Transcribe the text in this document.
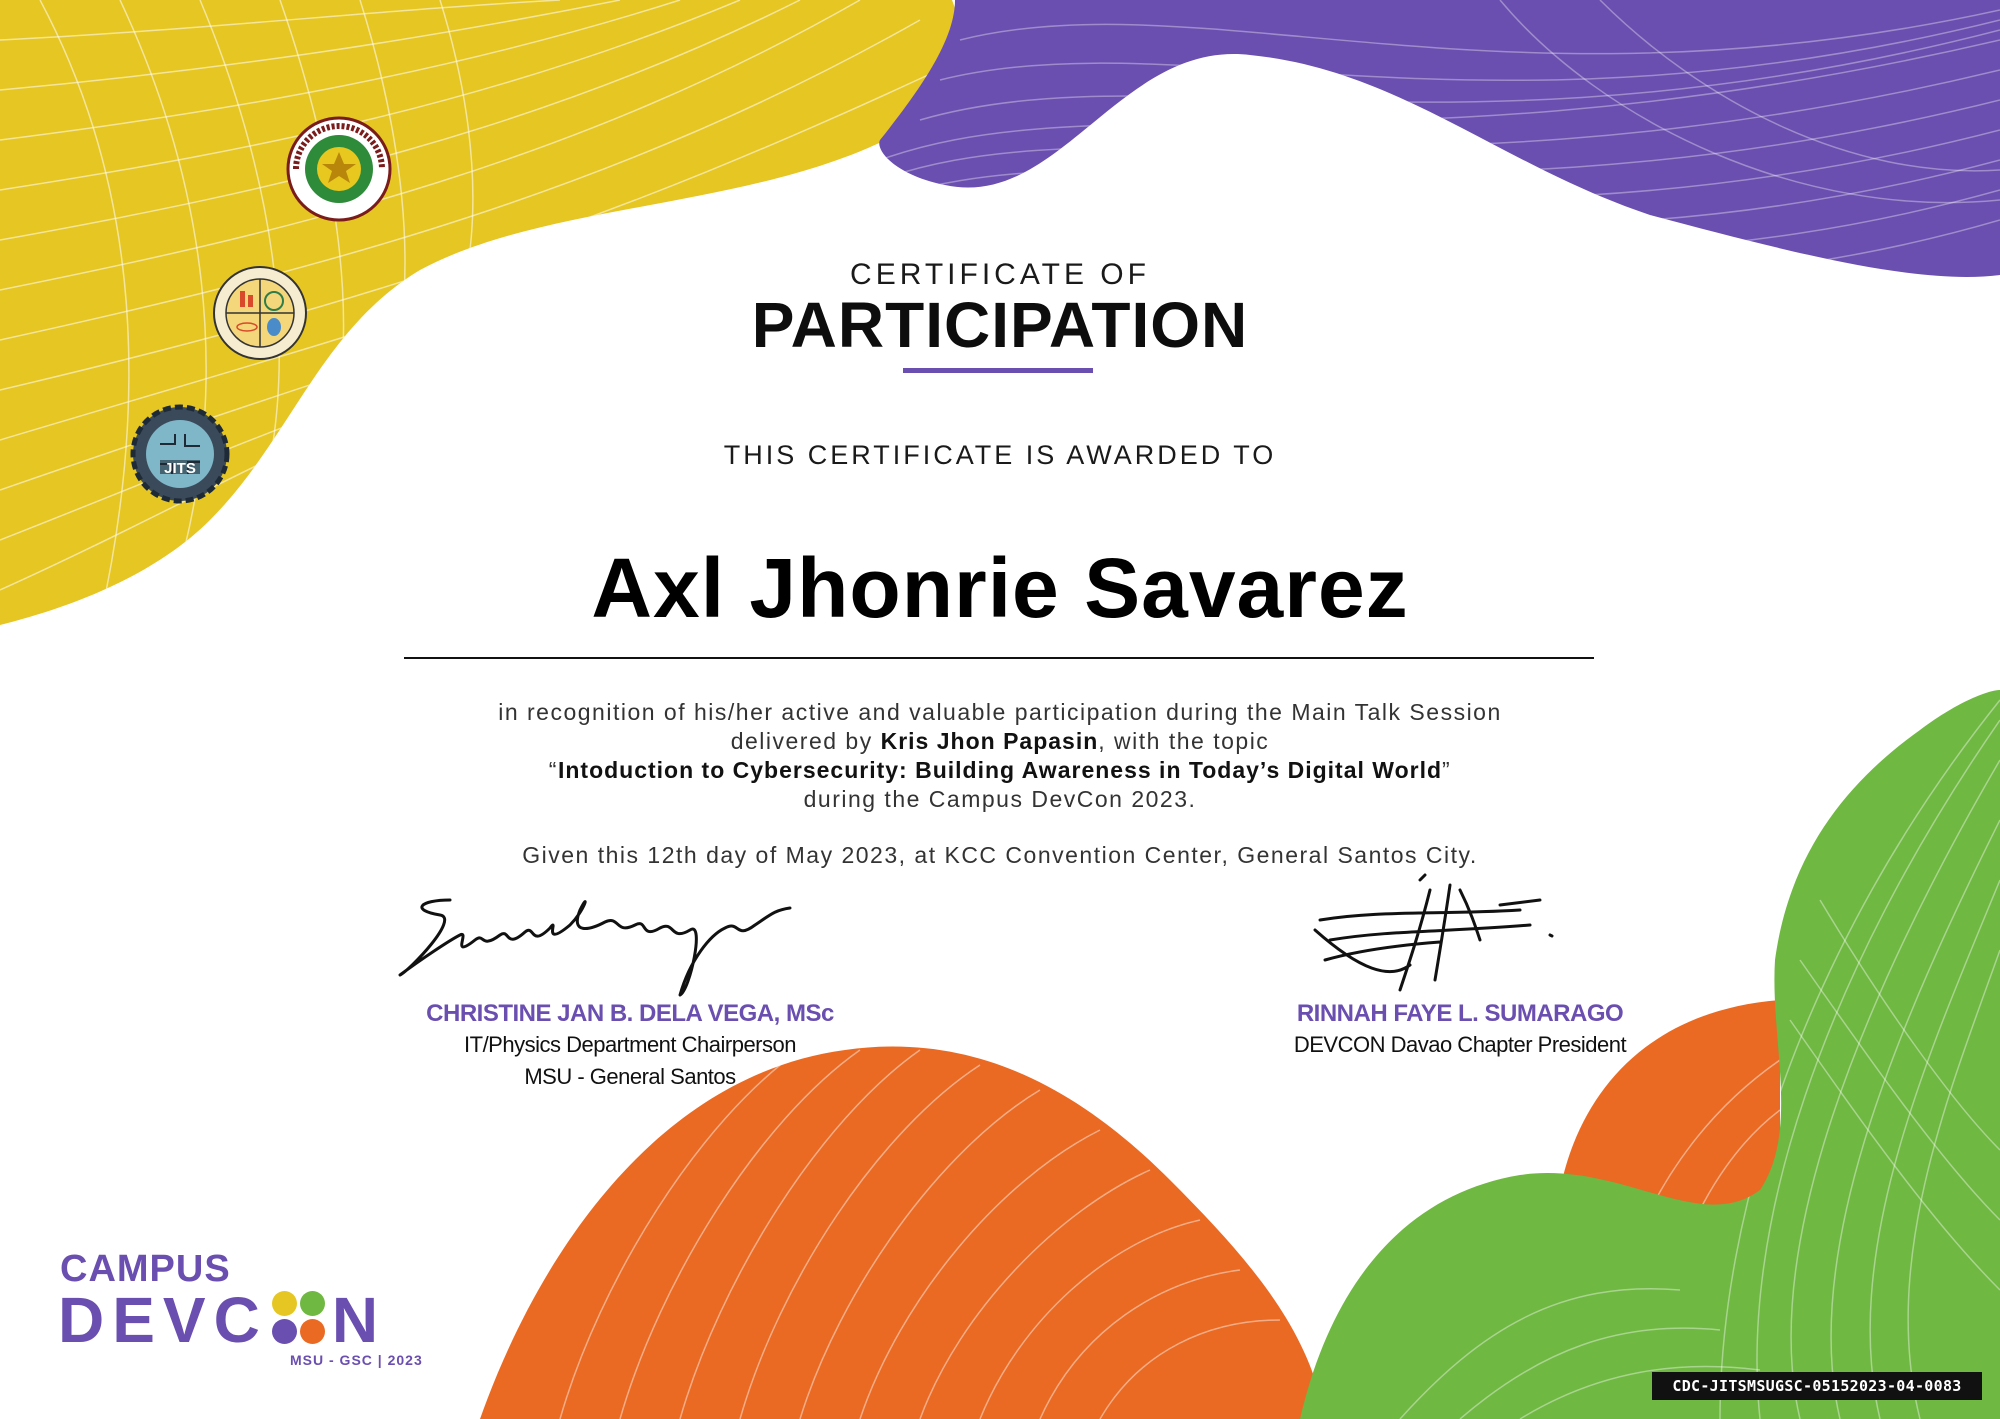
JITS
CERTIFICATE OF
PARTICIPATION
THIS CERTIFICATE IS AWARDED TO
Axl Jhonrie Savarez
in recognition of his/her active and valuable participation during the Main Talk Session
delivered by Kris Jhon Papasin, with the topic
“Intoduction to Cybersecurity: Building Awareness in Today’s Digital World”
during the Campus DevCon 2023.
Given this 12th day of May 2023, at KCC Convention Center, General Santos City.
CHRISTINE JAN B. DELA VEGA, MSc
IT/Physics Department Chairperson
MSU - General Santos
RINNAH FAYE L. SUMARAGO
DEVCON Davao Chapter President
CAMPUS
DEVC N
MSU - GSC | 2023
CDC-JITSMSUGSC-05152023-04-0083
